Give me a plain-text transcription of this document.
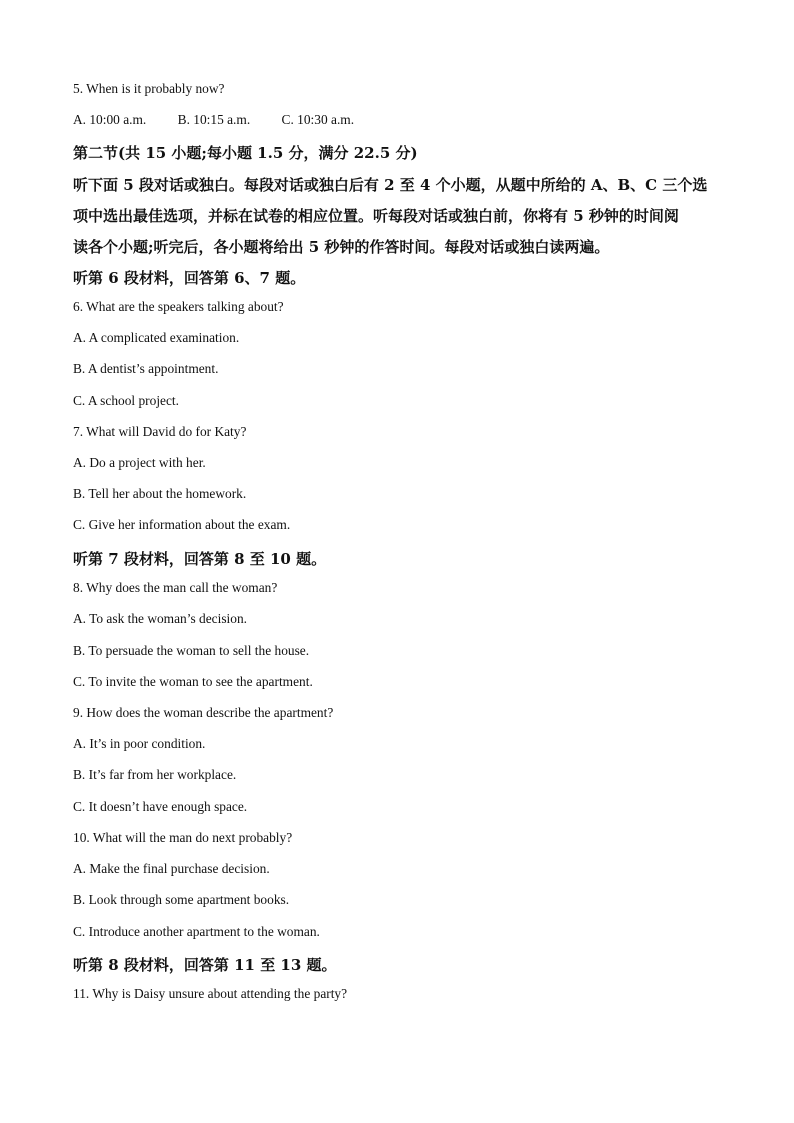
5. When is it probably now?
A. 10:00 a.m. B. 10:15 a.m. C. 10:30 a.m.
第二节(共 15 小题;每小题 1.5 分，满分 22.5 分)
听下面 5 段对话或独白。每段对话或独白后有 2 至 4 个小题，从题中所给的 A、B、C 三个选
项中选出最佳选项，并标在试卷的相应位置。听每段对话或独白前，你将有 5 秒钟的时间阅
读各个小题;听完后，各小题将给出 5 秒钟的作答时间。每段对话或独白读两遍。
听第 6 段材料，回答第 6、7 题。
6. What are the speakers talking about?
A. A complicated examination.
B. A dentist’s appointment.
C. A school project.
7. What will David do for Katy?
A. Do a project with her.
B. Tell her about the homework.
C. Give her information about the exam.
听第 7 段材料，回答第 8 至 10 题。
8. Why does the man call the woman?
A. To ask the woman’s decision.
B. To persuade the woman to sell the house.
C. To invite the woman to see the apartment.
9. How does the woman describe the apartment?
A. It’s in poor condition.
B. It’s far from her workplace.
C. It doesn’t have enough space.
10. What will the man do next probably?
A. Make the final purchase decision.
B. Look through some apartment books.
C. Introduce another apartment to the woman.
听第 8 段材料，回答第 11 至 13 题。
11. Why is Daisy unsure about attending the party?
